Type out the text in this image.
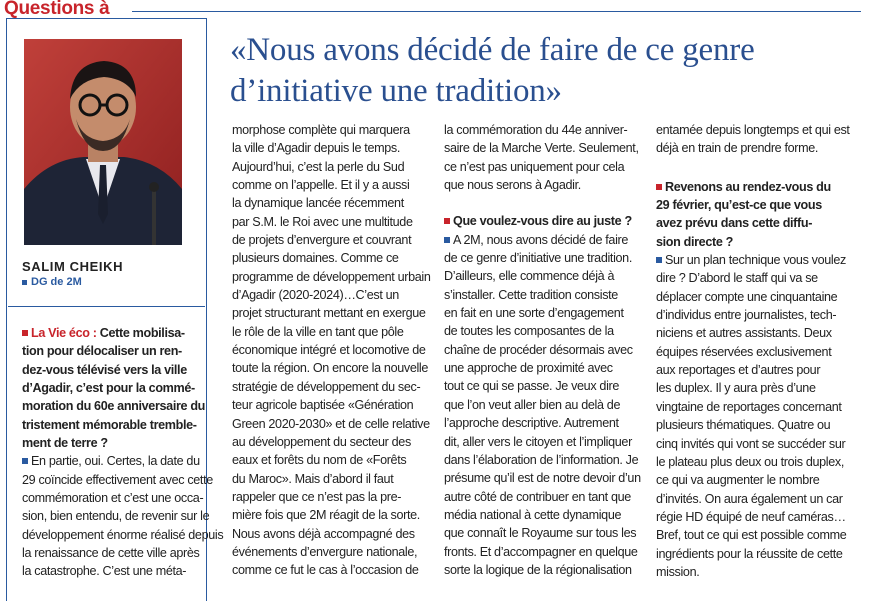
Questions à
SALIM CHEIKH
DG de 2M
«Nous avons décidé de faire de ce genre
d’initiative une tradition»
La Vie éco : Cette mobilisa-
tion pour délocaliser un ren-
dez-vous télévisé vers la ville
d’Agadir, c’est pour la commé-
moration du 60e anniversaire du
tristement mémorable tremble-
ment de terre ?
En partie, oui. Certes, la date du
29 coïncide effectivement avec cette
commémoration et c’est une occa-
sion, bien entendu, de revenir sur le
développement énorme réalisé depuis
la renaissance de cette ville après
la catastrophe. C’est une méta-
morphose complète qui marquera
la ville d’Agadir depuis le temps.
Aujourd’hui, c’est la perle du Sud
comme on l’appelle. Et il y a aussi
la dynamique lancée récemment
par S.M. le Roi avec une multitude
de projets d’envergure et couvrant
plusieurs domaines. Comme ce
programme de développement urbain
d’Agadir (2020-2024)…C’est un
projet structurant mettant en exergue
le rôle de la ville en tant que pôle
économique intégré et locomotive de
toute la région. On encore la nouvelle
stratégie de développement du sec-
teur agricole baptisée «Génération
Green 2020-2030» et de celle relative
au développement du secteur des
eaux et forêts du nom de «Forêts
du Maroc». Mais d’abord il faut
rappeler que ce n’est pas la pre-
mière fois que 2M réagit de la sorte.
Nous avons déjà accompagné des
événements d’envergure nationale,
comme ce fut le cas à l’occasion de
la commémoration du 44e anniver-
saire de la Marche Verte. Seulement,
ce n’est pas uniquement pour cela
que nous serons à Agadir.
Que voulez-vous dire au juste ?
A 2M, nous avons décidé de faire
de ce genre d’initiative une tradition.
D’ailleurs, elle commence déjà à
s’installer. Cette tradition consiste
en fait en une sorte d’engagement
de toutes les composantes de la
chaîne de procéder désormais avec
une approche de proximité avec
tout ce qui se passe. Je veux dire
que l’on veut aller bien au delà de
l’approche descriptive. Autrement
dit, aller vers le citoyen et l’impliquer
dans l’élaboration de l’information. Je
présume qu’il est de notre devoir d’un
autre côté de contribuer en tant que
média national à cette dynamique
que connaît le Royaume sur tous les
fronts. Et d’accompagner en quelque
sorte la logique de la régionalisation
entamée depuis longtemps et qui est
déjà en train de prendre forme.
Revenons au rendez-vous du
29 février, qu’est-ce que vous
avez prévu dans cette diffu-
sion directe ?
Sur un plan technique vous voulez
dire ? D’abord le staff qui va se
déplacer compte une cinquantaine
d’individus entre journalistes, tech-
niciens et autres assistants. Deux
équipes réservées exclusivement
aux reportages et d’autres pour
les duplex. Il y aura près d’une
vingtaine de reportages concernant
plusieurs thématiques. Quatre ou
cinq invités qui vont se succéder sur
le plateau plus deux ou trois duplex,
ce qui va augmenter le nombre
d’invités. On aura également un car
régie HD équipé de neuf caméras…
Bref, tout ce qui est possible comme
ingrédients pour la réussite de cette
mission.
